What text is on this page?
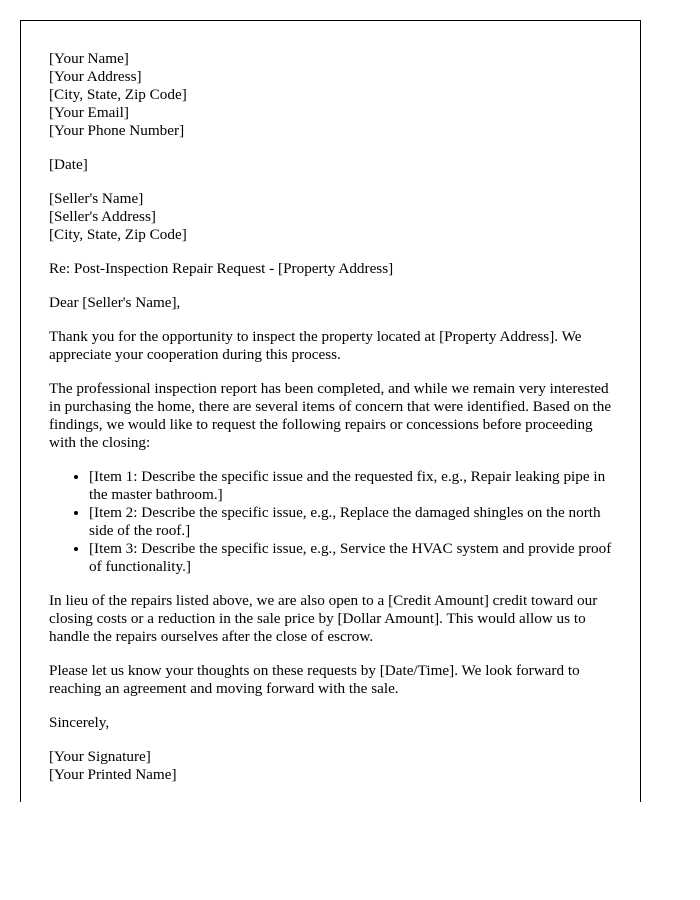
[Your Name]
[Your Address]
[City, State, Zip Code]
[Your Email]
[Your Phone Number]

[Date]

[Seller's Name]
[Seller's Address]
[City, State, Zip Code]

Re: Post-Inspection Repair Request - [Property Address]

Dear [Seller's Name],

Thank you for the opportunity to inspect the property located at [Property Address]. We appreciate your cooperation during this process.

The professional inspection report has been completed, and while we remain very interested in purchasing the home, there are several items of concern that were identified. Based on the findings, we would like to request the following repairs or concessions before proceeding with the closing:

• [Item 1: Describe the specific issue and the requested fix, e.g., Repair leaking pipe in the master bathroom.]
• [Item 2: Describe the specific issue, e.g., Replace the damaged shingles on the north side of the roof.]
• [Item 3: Describe the specific issue, e.g., Service the HVAC system and provide proof of functionality.]

In lieu of the repairs listed above, we are also open to a [Credit Amount] credit toward our closing costs or a reduction in the sale price by [Dollar Amount]. This would allow us to handle the repairs ourselves after the close of escrow.

Please let us know your thoughts on these requests by [Date/Time]. We look forward to reaching an agreement and moving forward with the sale.

Sincerely,

[Your Signature]
[Your Printed Name]
